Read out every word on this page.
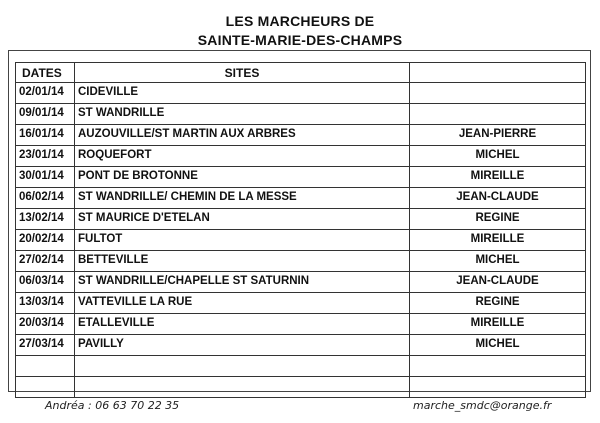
LES MARCHEURS DE
SAINTE-MARIE-DES-CHAMPS
DATES	SITES	
02/01/14	CIDEVILLE	
09/01/14	ST WANDRILLE	
16/01/14	AUZOUVILLE/ST MARTIN AUX ARBRES	JEAN-PIERRE
23/01/14	ROQUEFORT	MICHEL
30/01/14	PONT DE BROTONNE	MIREILLE
06/02/14	ST WANDRILLE/ CHEMIN DE LA MESSE	JEAN-CLAUDE
13/02/14	ST MAURICE D'ETELAN	REGINE
20/02/14	FULTOT	MIREILLE
27/02/14	BETTEVILLE	MICHEL
06/03/14	ST WANDRILLE/CHAPELLE ST SATURNIN	JEAN-CLAUDE
13/03/14	VATTEVILLE LA RUE	REGINE
20/03/14	ETALLEVILLE	MIREILLE
27/03/14	PAVILLY	MICHEL

Andréa : 06 63 70 22 35	marche_smdc@orange.fr
